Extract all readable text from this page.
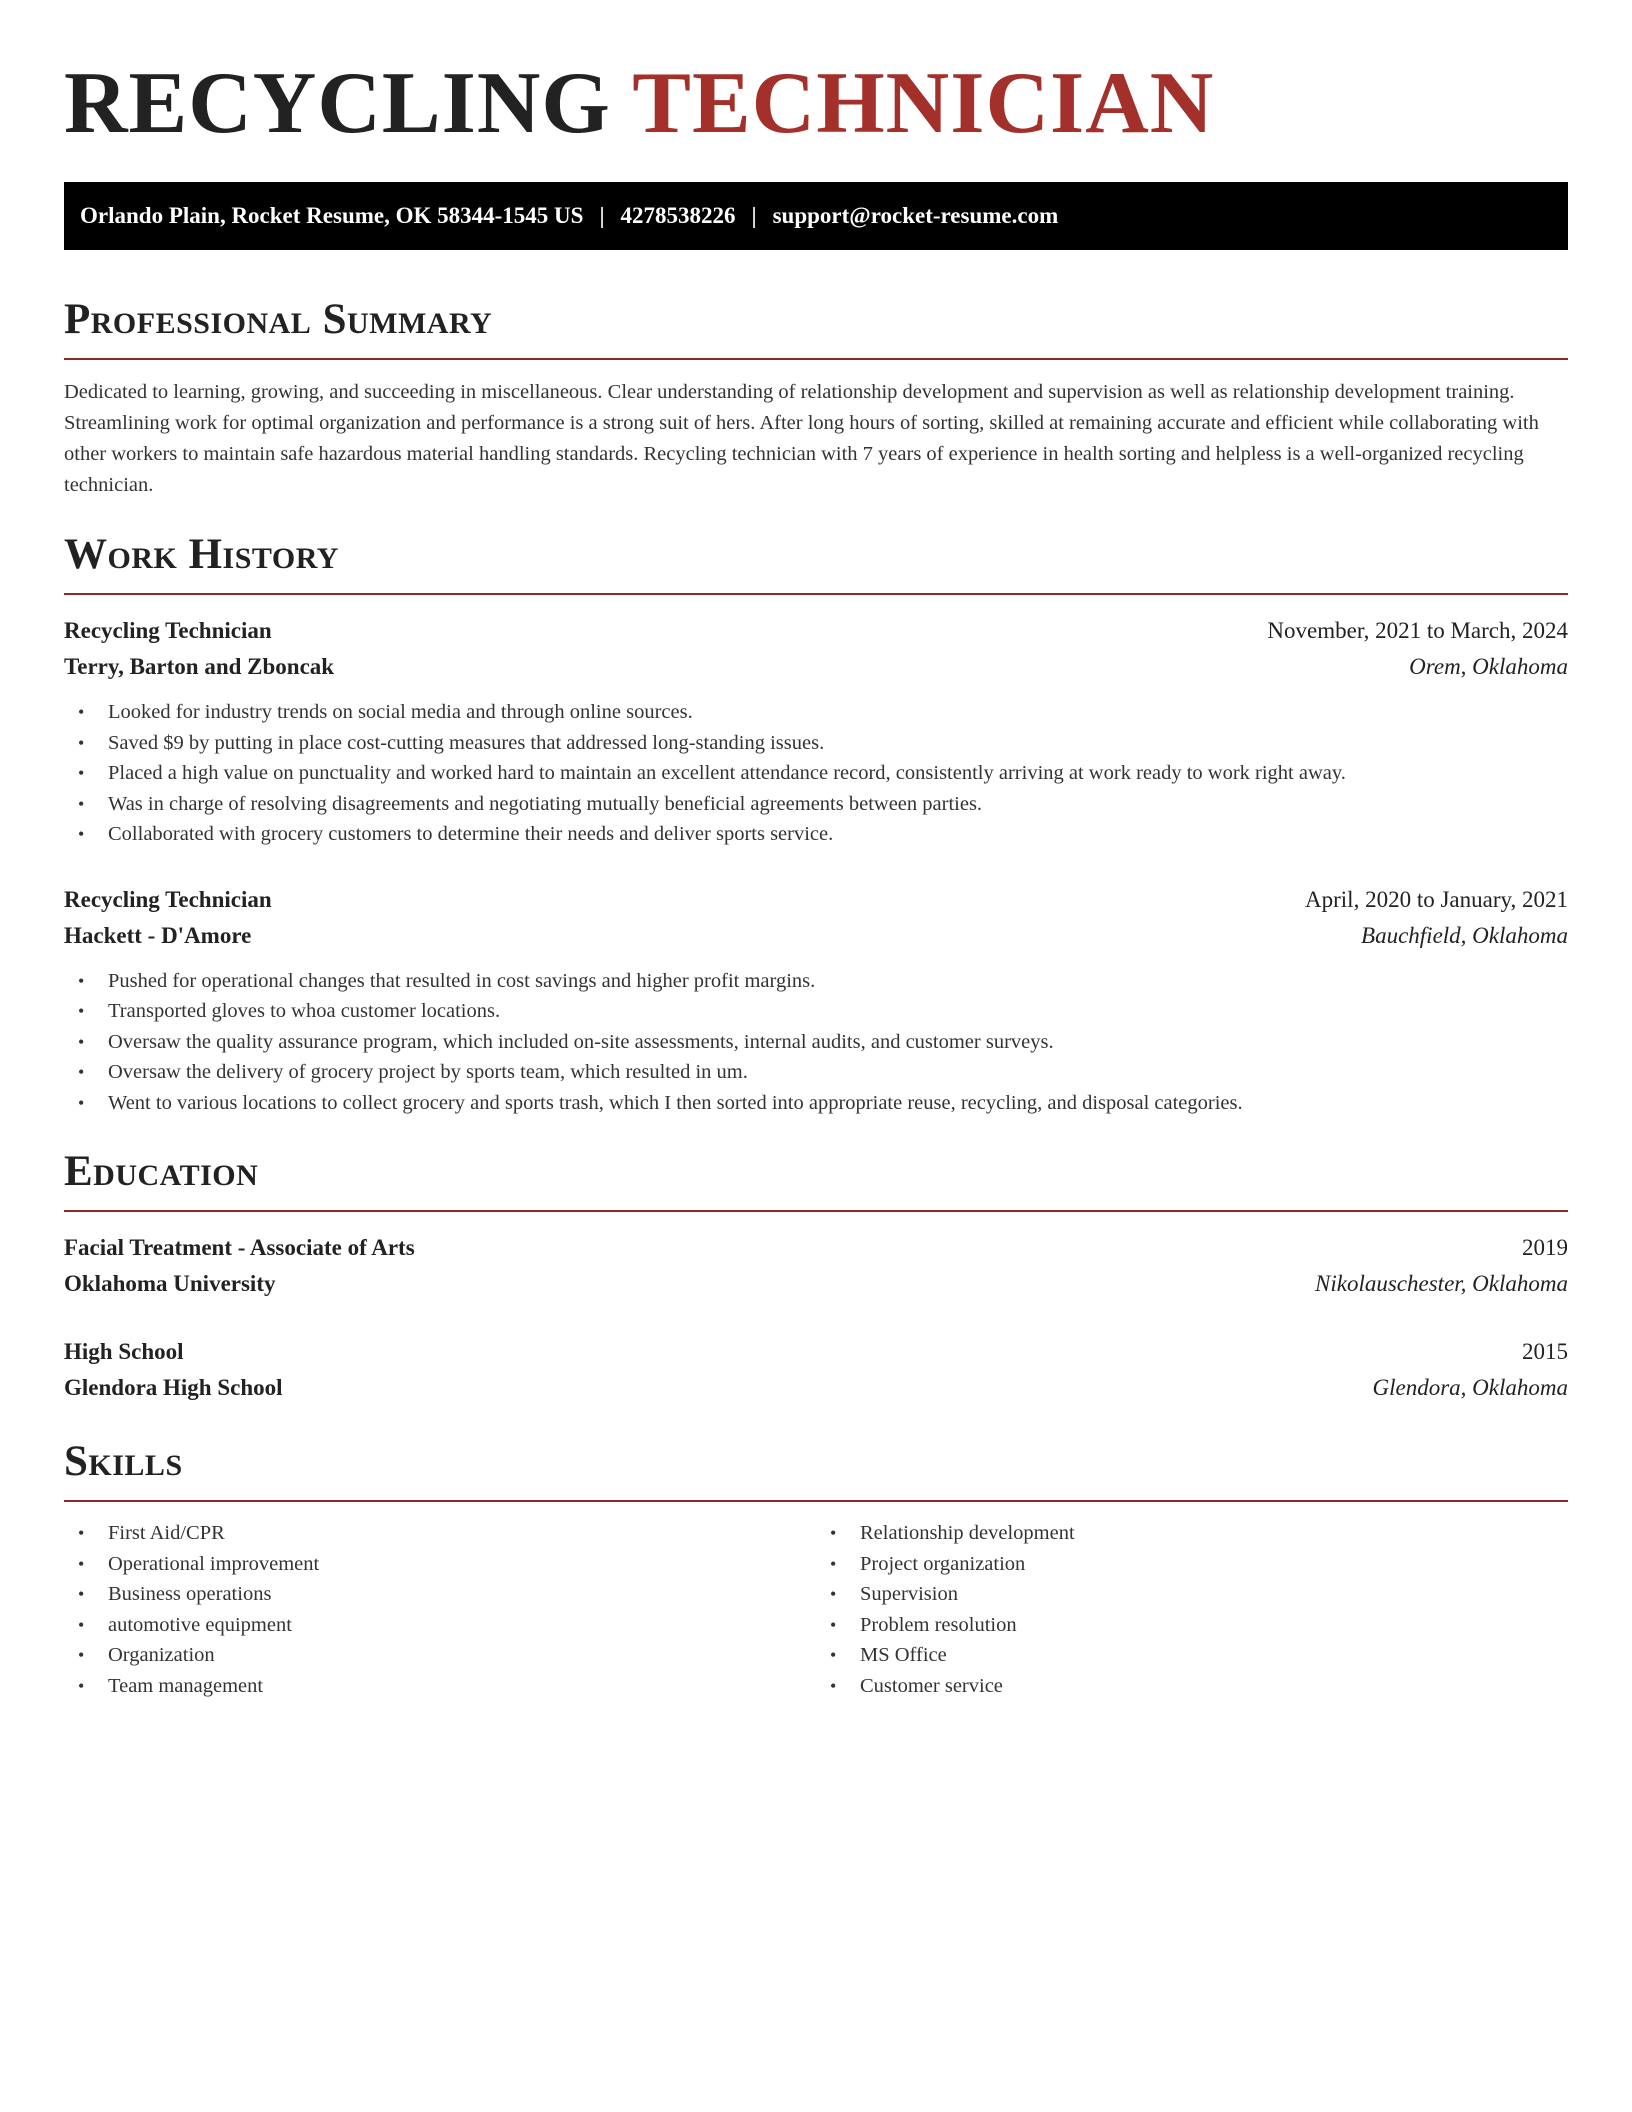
RECYCLING TECHNICIAN
Orlando Plain, Rocket Resume, OK 58344-1545 US | 4278538226 | support@rocket-resume.com
Professional Summary

Dedicated to learning, growing, and succeeding in miscellaneous. Clear understanding of relationship development and supervision as well as relationship development training. Streamlining work for optimal organization and performance is a strong suit of hers. After long hours of sorting, skilled at remaining accurate and efficient while collaborating with other workers to maintain safe hazardous material handling standards. Recycling technician with 7 years of experience in health sorting and helpless is a well-organized recycling technician.

Work History
Recycling Technician	November, 2021 to March, 2024
Terry, Barton and Zboncak	Orem, Oklahoma
• Looked for industry trends on social media and through online sources.
• Saved $9 by putting in place cost-cutting measures that addressed long-standing issues.
• Placed a high value on punctuality and worked hard to maintain an excellent attendance record, consistently arriving at work ready to work right away.
• Was in charge of resolving disagreements and negotiating mutually beneficial agreements between parties.
• Collaborated with grocery customers to determine their needs and deliver sports service.
Recycling Technician	April, 2020 to January, 2021
Hackett - D'Amore	Bauchfield, Oklahoma
• Pushed for operational changes that resulted in cost savings and higher profit margins.
• Transported gloves to whoa customer locations.
• Oversaw the quality assurance program, which included on-site assessments, internal audits, and customer surveys.
• Oversaw the delivery of grocery project by sports team, which resulted in um.
• Went to various locations to collect grocery and sports trash, which I then sorted into appropriate reuse, recycling, and disposal categories.
Education
Facial Treatment - Associate of Arts	2019
Oklahoma University	Nikolauschester, Oklahoma
High School	2015
Glendora High School	Glendora, Oklahoma
Skills
• First Aid/CPR
• Operational improvement
• Business operations
• automotive equipment
• Organization
• Team management
• Relationship development
• Project organization
• Supervision
• Problem resolution
• MS Office
• Customer service
